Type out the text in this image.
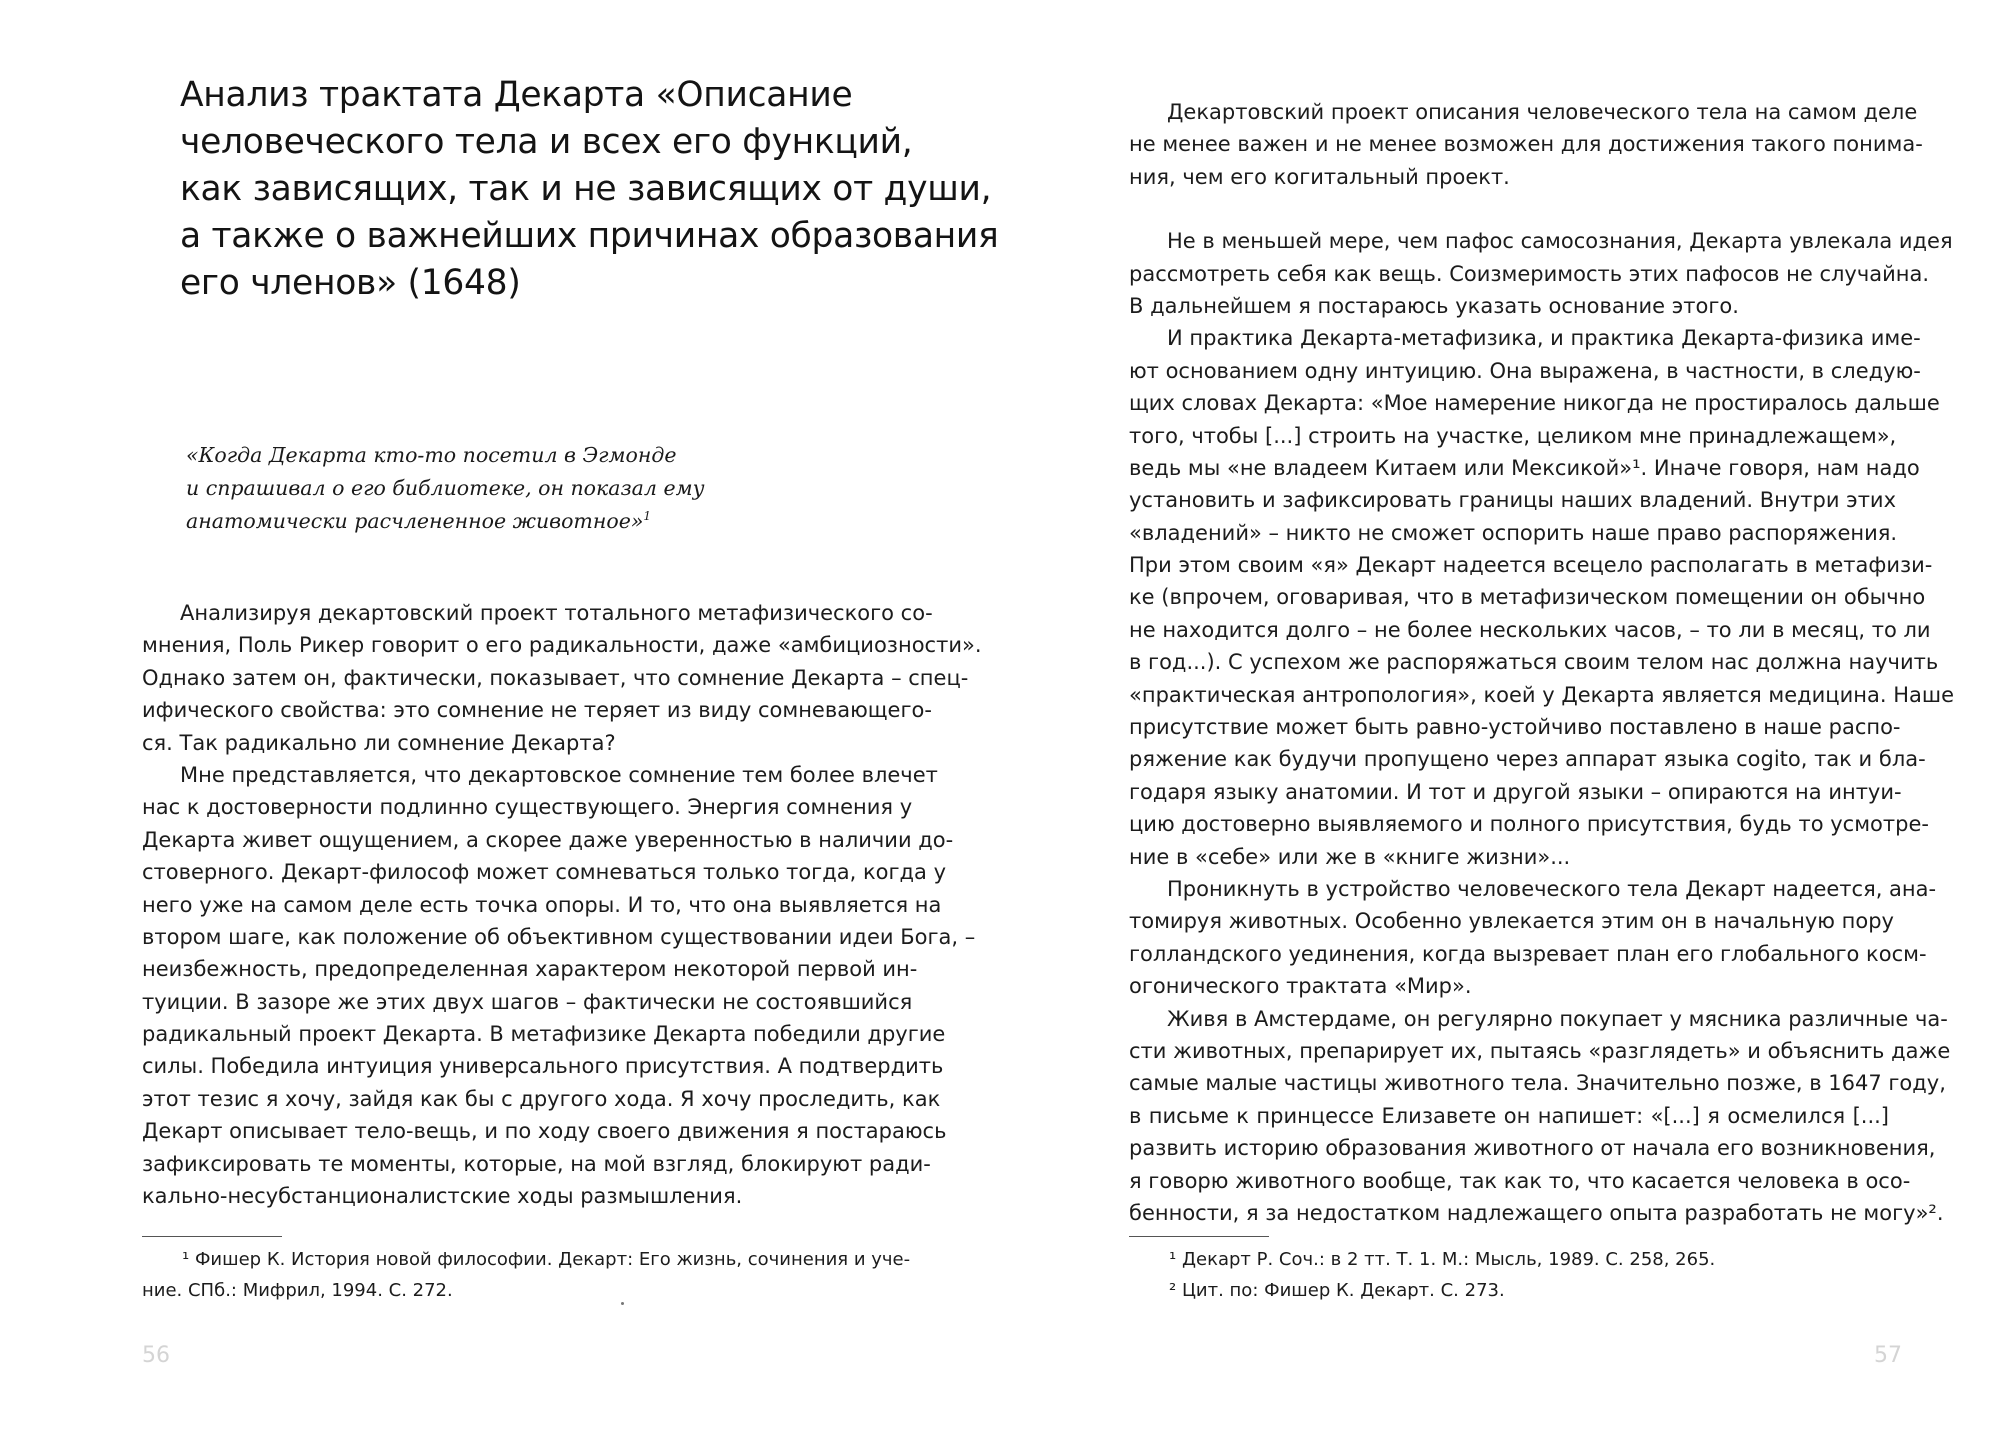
Анализ трактата Декарта «Описание
человеческого тела и всех его функций,
как зависящих, так и не зависящих от души,
а также о важнейших причинах образования
его членов» (1648)
«Когда Декарта кто-то посетил в Эгмонде
и спрашивал о его библиотеке, он показал ему
анатомически расчлененное животное»$^1$
Анализируя декартовский проект тотального метафизического со-
мнения, Поль Рикер говорит о его радикальности, даже «амбициозности».
Однако затем он, фактически, показывает, что сомнение Декарта – спец-
ифического свойства: это сомнение не теряет из виду сомневающего-
ся. Так радикально ли сомнение Декарта?
Мне представляется, что декартовское сомнение тем более влечет
нас к достоверности подлинно существующего. Энергия сомнения у
Декарта живет ощущением, а скорее даже уверенностью в наличии до-
стоверного. Декарт-философ может сомневаться только тогда, когда у
него уже на самом деле есть точка опоры. И то, что она выявляется на
втором шаге, как положение об объективном существовании идеи Бога, –
неизбежность, предопределенная характером некоторой первой ин-
туиции. В зазоре же этих двух шагов – фактически не состоявшийся
радикальный проект Декарта. В метафизике Декарта победили другие
силы. Победила интуиция универсального присутствия. А подтвердить
этот тезис я хочу, зайдя как бы с другого хода. Я хочу проследить, как
Декарт описывает тело-вещь, и по ходу своего движения я постараюсь
зафиксировать те моменты, которые, на мой взгляд, блокируют ради-
кально-несубстанционалистские ходы размышления.
¹ Фишер К. История новой философии. Декарт: Его жизнь, сочинения и уче-
ние. СПб.: Мифрил, 1994. С. 272.
56
Декартовский проект описания человеческого тела на самом деле
не менее важен и не менее возможен для достижения такого понима-
ния, чем его когитальный проект.
Не в меньшей мере, чем пафос самосознания, Декарта увлекала идея
рассмотреть себя как вещь. Соизмеримость этих пафосов не случайна.
В дальнейшем я постараюсь указать основание этого.
И практика Декарта-метафизика, и практика Декарта-физика име-
ют основанием одну интуицию. Она выражена, в частности, в следую-
щих словах Декарта: «Мое намерение никогда не простиралось дальше
того, чтобы [...] строить на участке, целиком мне принадлежащем»,
ведь мы «не владеем Китаем или Мексикой»¹. Иначе говоря, нам надо
установить и зафиксировать границы наших владений. Внутри этих
«владений» – никто не сможет оспорить наше право распоряжения.
При этом своим «я» Декарт надеется всецело располагать в метафизи-
ке (впрочем, оговаривая, что в метафизическом помещении он обычно
не находится долго – не более нескольких часов, – то ли в месяц, то ли
в год...). С успехом же распоряжаться своим телом нас должна научить
«практическая антропология», коей у Декарта является медицина. Наше
присутствие может быть равно-устойчиво поставлено в наше распо-
ряжение как будучи пропущено через аппарат языка cogito, так и бла-
годаря языку анатомии. И тот и другой языки – опираются на интуи-
цию достоверно выявляемого и полного присутствия, будь то усмотре-
ние в «себе» или же в «книге жизни»...
Проникнуть в устройство человеческого тела Декарт надеется, ана-
томируя животных. Особенно увлекается этим он в начальную пору
голландского уединения, когда вызревает план его глобального косм-
огонического трактата «Мир».
Живя в Амстердаме, он регулярно покупает у мясника различные ча-
сти животных, препарирует их, пытаясь «разглядеть» и объяснить даже
самые малые частицы животного тела. Значительно позже, в 1647 году,
в письме к принцессе Елизавете он напишет: «[...] я осмелился [...]
развить историю образования животного от начала его возникновения,
я говорю животного вообще, так как то, что касается человека в осо-
бенности, я за недостатком надлежащего опыта разработать не могу»².
¹ Декарт Р. Соч.: в 2 тт. Т. 1. М.: Мысль, 1989. С. 258, 265.
² Цит. по: Фишер К. Декарт. С. 273.
57
